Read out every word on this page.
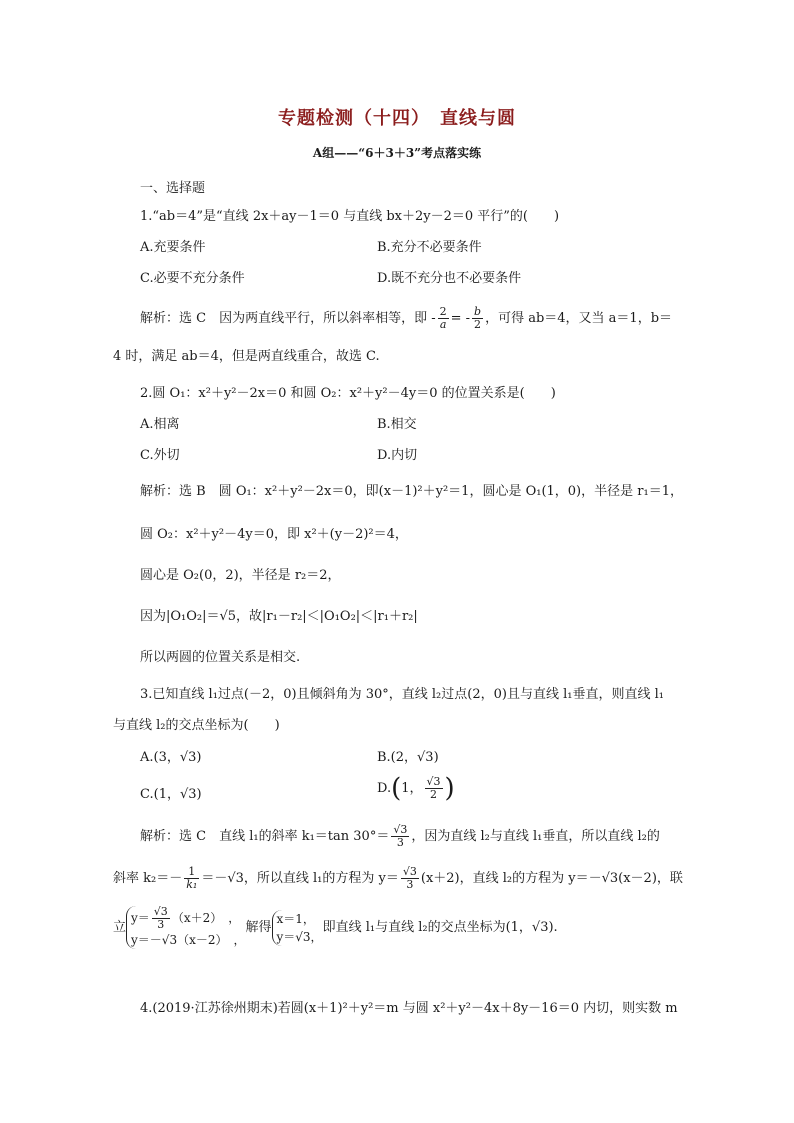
专题检测（十四）　直线与圆
A组——“6＋3＋3”考点落实练
一、选择题
1.“ab＝4”是“直线 2x＋ay－1＝0 与直线 bx＋2y－2＝0 平行”的(　　)
A.充要条件	B.充分不必要条件
C.必要不充分条件	D.既不充分也不必要条件
解析：选 C　因为两直线平行，所以斜率相等，即 - $\frac{2}{a}$ = - $\frac{b}{2}$ ，可得 ab＝4，又当 a＝1，b＝
4 时，满足 ab＝4，但是两直线重合，故选 C.
2.圆 O₁：x²＋y²－2x＝0 和圆 O₂：x²＋y²－4y＝0 的位置关系是(　　)
A.相离	B.相交
C.外切	D.内切
解析：选 B　圆 O₁：x²＋y²－2x＝0，即(x－1)²＋y²＝1，圆心是 O₁(1，0)，半径是 r₁＝1，
圆 O₂：x²＋y²－4y＝0，即 x²＋(y－2)²＝4，
圆心是 O₂(0，2)，半径是 r₂＝2，
因为|O₁O₂|＝√5，故|r₁－r₂|＜|O₁O₂|＜|r₁＋r₂|
所以两圆的位置关系是相交.
3.已知直线 l₁过点(－2，0)且倾斜角为 30°，直线 l₂过点(2，0)且与直线 l₁垂直，则直线 l₁
与直线 l₂的交点坐标为(　　)
A.(3，√3)	B.(2，√3)
C.(1，√3)	D.(1， $\frac{√3}{2}$ )
解析：选 C　直线 l₁的斜率 k₁＝tan $30^\circ= \frac{√3}{3}$ ，因为直线 l₂与直线 l₁垂直，所以直线 l₂的
斜率 $k_2=- \frac{1}{\text{k₁}} =-√3$，所以直线 l₁的方程为 $y= \frac{√3}{3} (x+2)$，直线 l₂的方程为 y＝－√3(x－2)，联
立
$y= \frac{√3}{3} (x+2)$　，
y＝－√3（x－2）　，
解得
x＝1，
y＝√3，
即直线 l₁与直线 l₂的交点坐标为(1，√3).
4.(2019·江苏徐州期末)若圆(x＋1)²＋y²＝m 与圆 x²＋y²－4x＋8y－16＝0 内切，则实数 m
